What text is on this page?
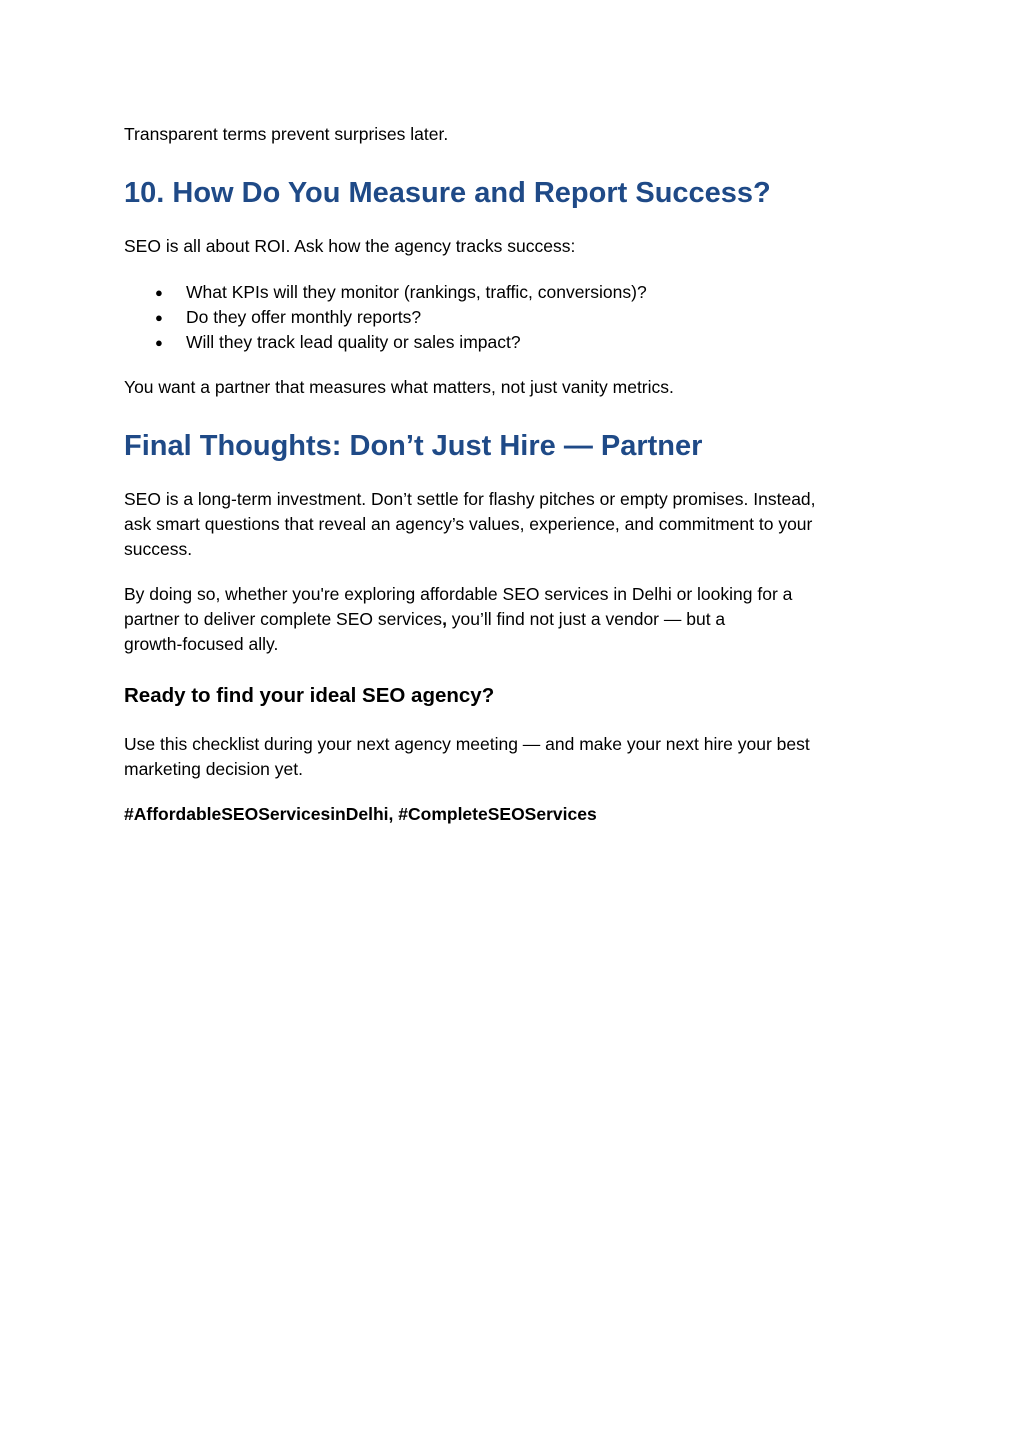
Transparent terms prevent surprises later.

10. How Do You Measure and Report Success?

SEO is all about ROI. Ask how the agency tracks success:

● What KPIs will they monitor (rankings, traffic, conversions)?
● Do they offer monthly reports?
● Will they track lead quality or sales impact?

You want a partner that measures what matters, not just vanity metrics.

Final Thoughts: Don’t Just Hire — Partner

SEO is a long-term investment. Don’t settle for flashy pitches or empty promises. Instead,

ask smart questions that reveal an agency’s values, experience, and commitment to your

success.

By doing so, whether you're exploring affordable SEO services in Delhi or looking for a

partner to deliver complete SEO services, you’ll find not just a vendor — but a

growth-focused ally.

Ready to find your ideal SEO agency?

Use this checklist during your next agency meeting — and make your next hire your best

marketing decision yet.

#AffordableSEOServicesinDelhi, #CompleteSEOServices
